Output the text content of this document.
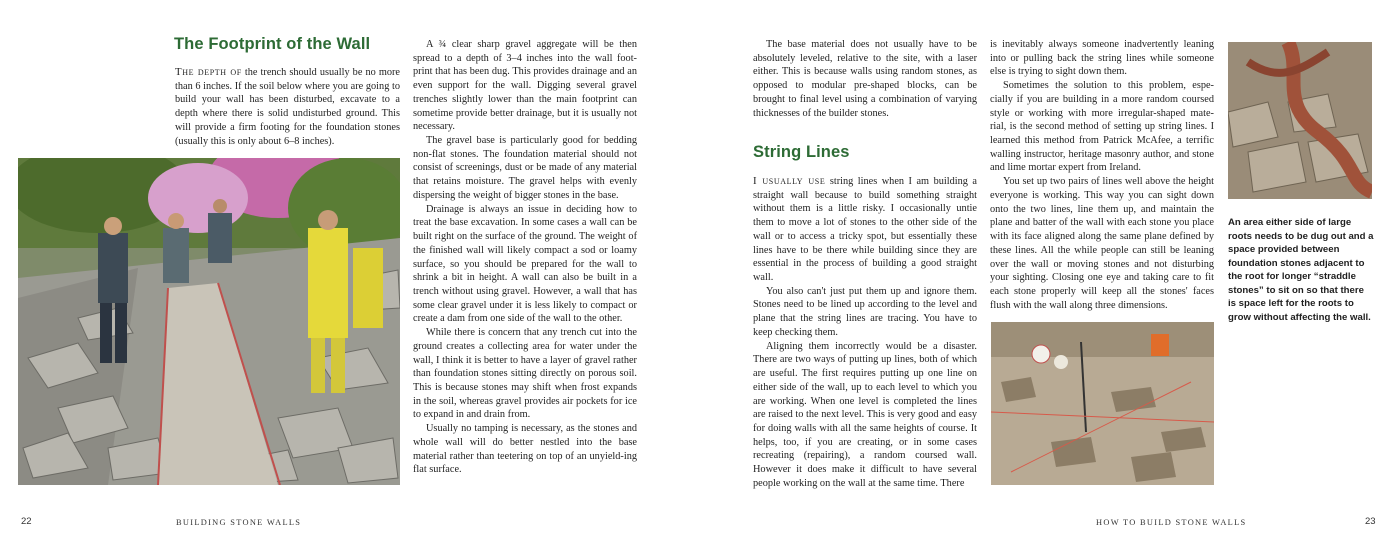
The Footprint of the Wall

The depth of the trench should usually be no more than 6 inches. If the soil below where you are going to build your wall has been disturbed, excavate to a depth where there is solid undisturbed ground. This will provide a firm footing for the foundation stones (usually this is only about 6–8 inches).

A ¾ clear sharp gravel aggregate will be then spread to a depth of 3–4 inches into the wall foot-print that has been dug. This provides drainage and an even support for the wall. Digging several gravel trenches slightly lower than the main footprint can sometime provide better drainage, but it is usually not necessary.

The gravel base is particularly good for bedding non-flat stones. The foundation material should not consist of screenings, dust or be made of any material that retains moisture. The gravel helps with evenly dispersing the weight of bigger stones in the base.

Drainage is always an issue in deciding how to treat the base excavation. In some cases a wall can be built right on the surface of the ground. The weight of the finished wall will likely compact a sod or loamy surface, so you should be prepared for the wall to shrink a bit in height. A wall can also be built in a trench without using gravel. However, a wall that has some clear gravel under it is less likely to compact or create a dam from one side of the wall to the other.

While there is concern that any trench cut into the ground creates a collecting area for water under the wall, I think it is better to have a layer of gravel rather than foundation stones sitting directly on porous soil. This is because stones may shift when frost expands in the soil, whereas gravel provides air pockets for ice to expand in and drain from.

Usually no tamping is necessary, as the stones and whole wall will do better nestled into the base material rather than teetering on top of an unyield-ing flat surface.

22	BUILDING STONE WALLS

The base material does not usually have to be absolutely leveled, relative to the site, with a laser either. This is because walls using random stones, as opposed to modular pre-shaped blocks, can be brought to final level using a combination of varying thicknesses of the builder stones.

String Lines

I usually use string lines when I am building a straight wall because to build something straight without them is a little risky. I occasionally untie them to move a lot of stones to the other side of the wall or to access a tricky spot, but essentially these lines have to be there while building since they are essential in the process of building a good straight wall.

You also can't just put them up and ignore them. Stones need to be lined up according to the level and plane that the string lines are tracing. You have to keep checking them.

Aligning them incorrectly would be a disaster. There are two ways of putting up lines, both of which are useful. The first requires putting up one line on either side of the wall, up to each level to which you are working. When one level is completed the lines are raised to the next level. This is very good and easy for doing walls with all the same heights of course. It helps, too, if you are creating, or in some cases recreating (repairing), a random coursed wall. However it does make it difficult to have several people working on the wall at the same time. There

is inevitably always someone inadvertently leaning into or pulling back the string lines while someone else is trying to sight down them.

Sometimes the solution to this problem, espe-cially if you are building in a more random coursed style or working with more irregular-shaped mate-rial, is the second method of setting up string lines. I learned this method from Patrick McAfee, a terrific walling instructor, heritage masonry author, and stone and lime mortar expert from Ireland.

You set up two pairs of lines well above the height everyone is working. This way you can sight down onto the two lines, line them up, and maintain the plane and batter of the wall with each stone you place with its face aligned along the same plane defined by these lines. All the while people can still be leaning over the wall or moving stones and not disturbing your sighting. Closing one eye and taking care to fit each stone properly will keep all the stones' faces flush with the wall along three dimensions.

An area either side of large roots needs to be dug out and a space provided between foundation stones adjacent to the root for longer “straddle stones” to sit on so that there is space left for the roots to grow without affecting the wall.
HOW TO BUILD STONE WALLS	23
